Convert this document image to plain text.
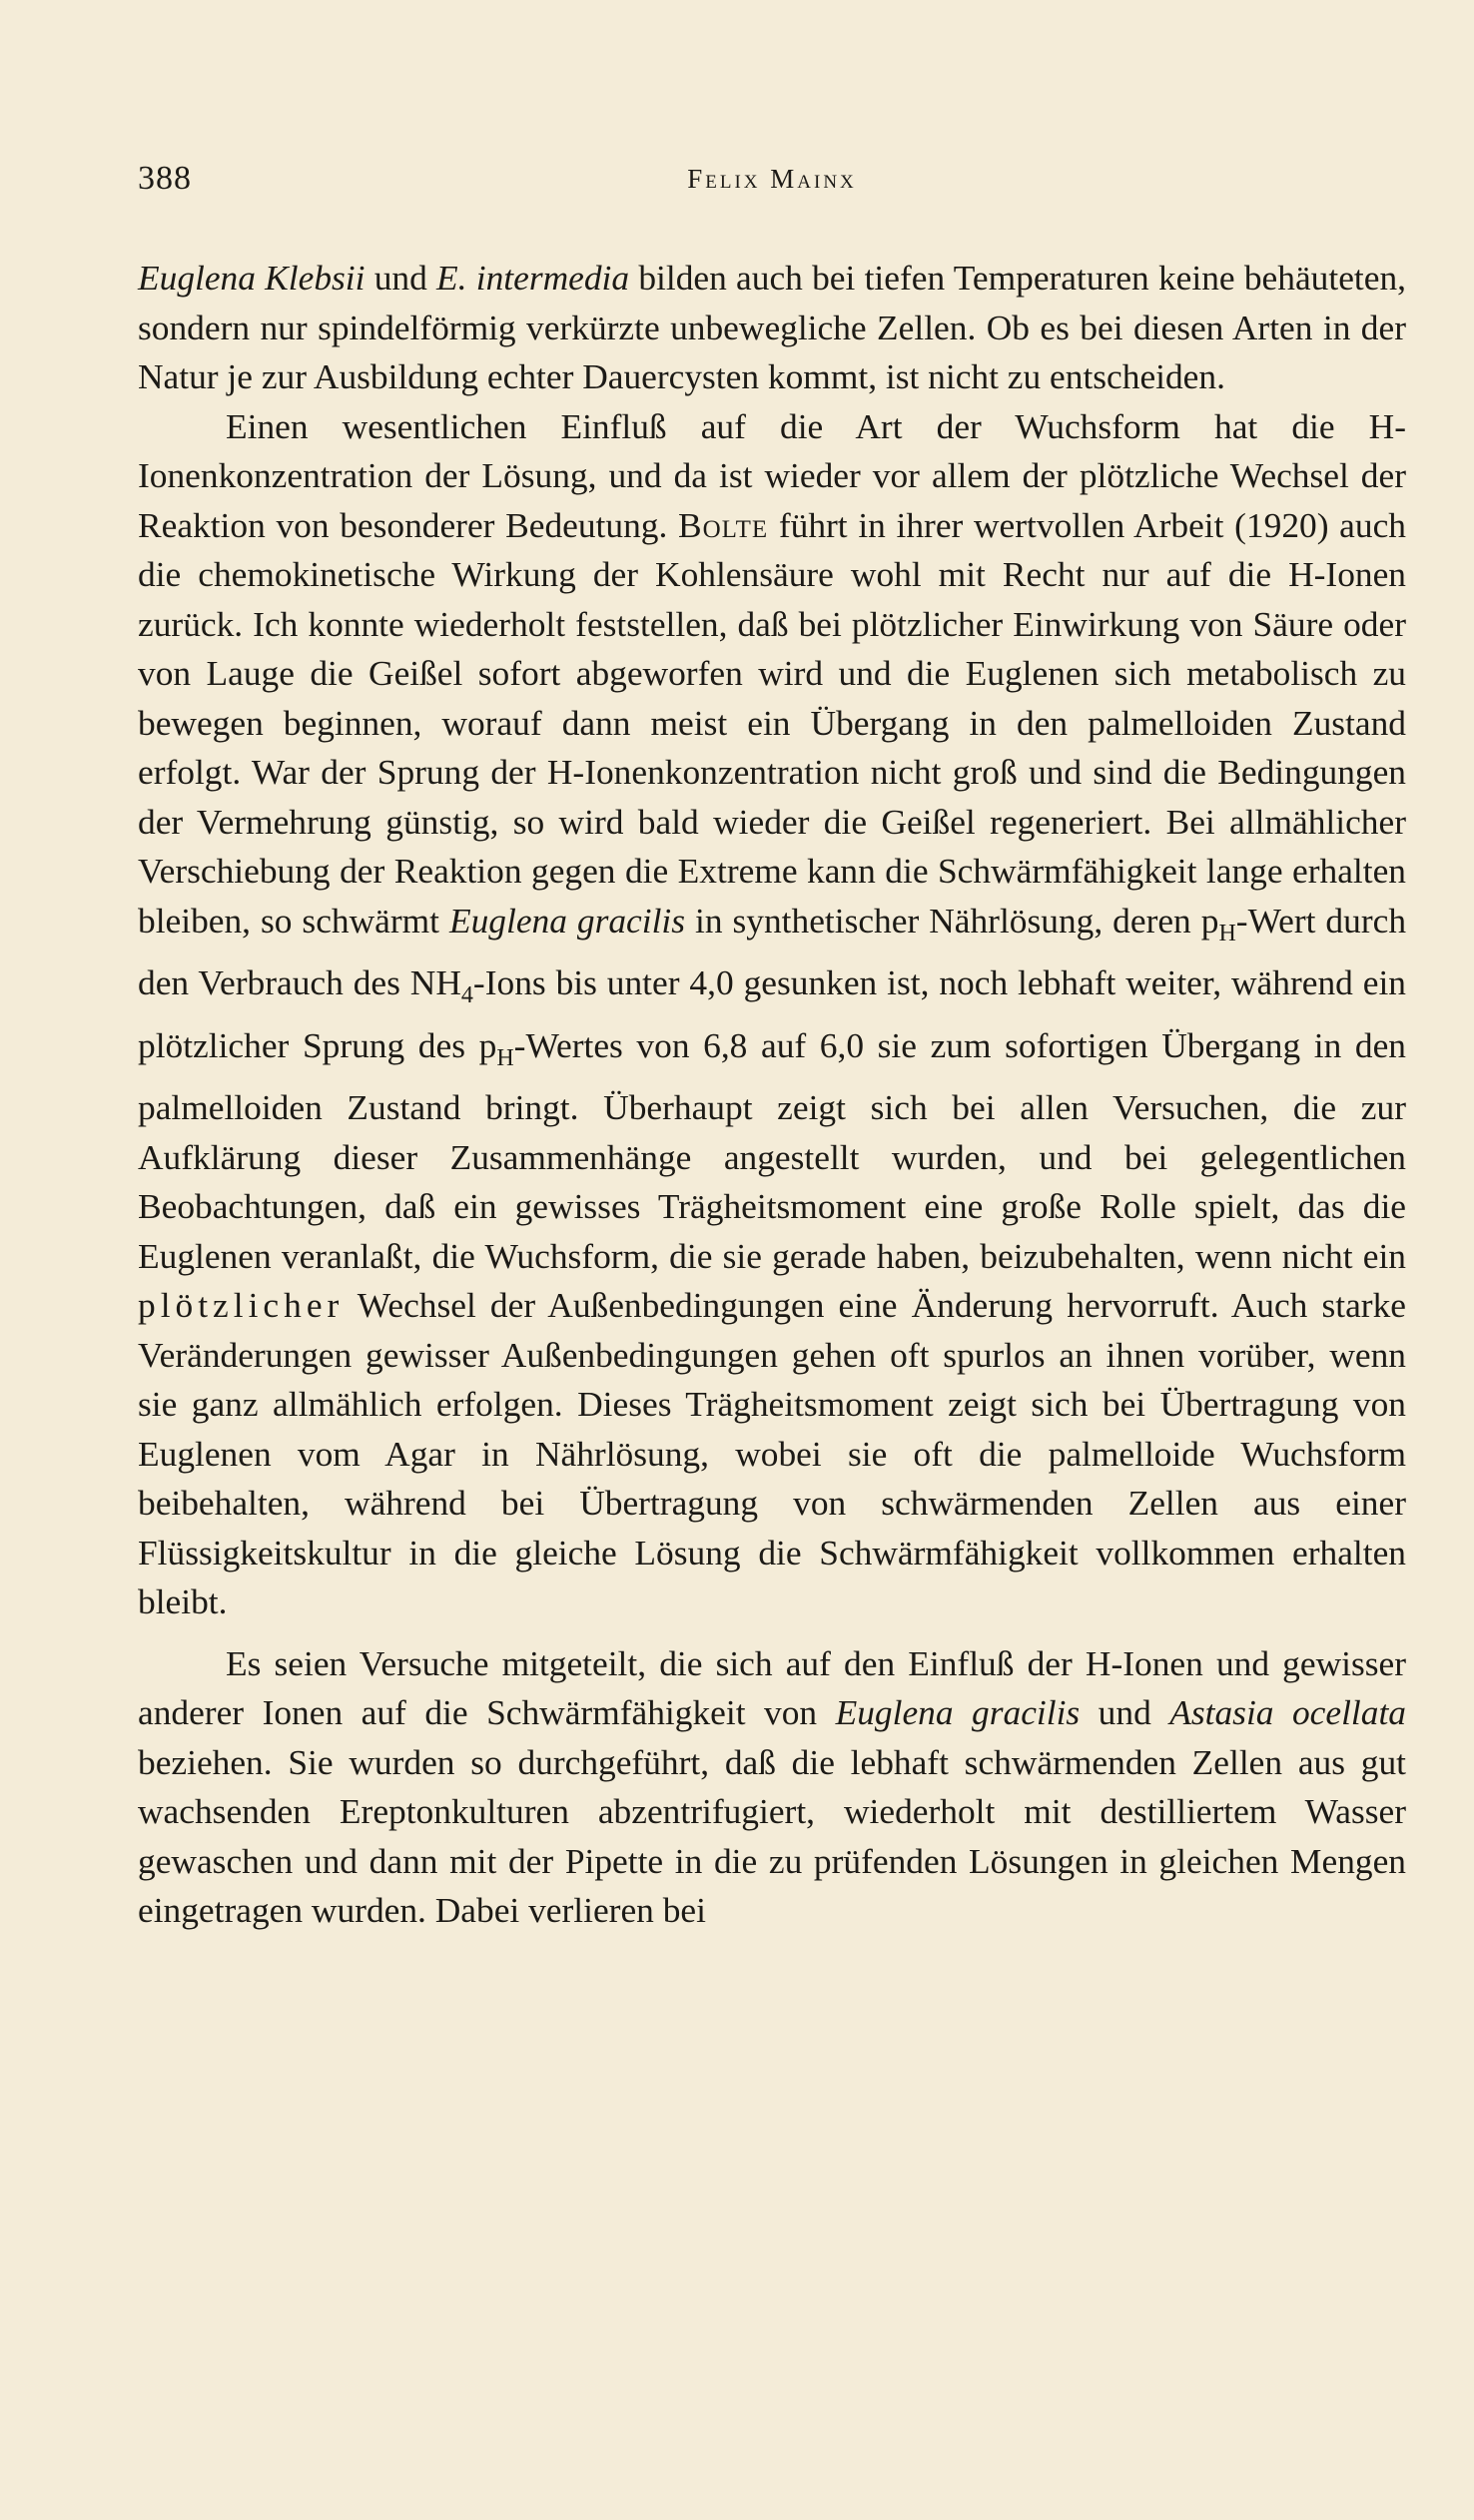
388	Felix Mainx

Euglena Klebsii und E. intermedia bilden auch bei tiefen Temperaturen keine behäuteten, sondern nur spindelförmig verkürzte unbewegliche Zellen. Ob es bei diesen Arten in der Natur je zur Ausbildung echter Dauercysten kommt, ist nicht zu entscheiden.

Einen wesentlichen Einfluß auf die Art der Wuchsform hat die H-Ionenkonzentration der Lösung, und da ist wieder vor allem der plötzliche Wechsel der Reaktion von besonderer Bedeutung. Bolte führt in ihrer wertvollen Arbeit (1920) auch die chemokinetische Wirkung der Kohlensäure wohl mit Recht nur auf die H-Ionen zurück. Ich konnte wiederholt feststellen, daß bei plötzlicher Einwirkung von Säure oder von Lauge die Geißel sofort abgeworfen wird und die Euglenen sich metabolisch zu bewegen beginnen, worauf dann meist ein Übergang in den palmelloiden Zustand erfolgt. War der Sprung der H-Ionenkonzentration nicht groß und sind die Bedingungen der Vermehrung günstig, so wird bald wieder die Geißel regeneriert. Bei allmählicher Verschiebung der Reaktion gegen die Extreme kann die Schwärmfähigkeit lange erhalten bleiben, so schwärmt Euglena gracilis in synthetischer Nährlösung, deren $p_H$-Wert durch den Verbrauch des $NH_4$-Ions bis unter 4,0 gesunken ist, noch lebhaft weiter, während ein plötzlicher Sprung des $p_H$-Wertes von 6,8 auf 6,0 sie zum sofortigen Übergang in den palmelloiden Zustand bringt. Überhaupt zeigt sich bei allen Versuchen, die zur Aufklärung dieser Zusammenhänge angestellt wurden, und bei gelegentlichen Beobachtungen, daß ein gewisses Trägheitsmoment eine große Rolle spielt, das die Euglenen veranlaßt, die Wuchsform, die sie gerade haben, beizubehalten, wenn nicht ein plötzlicher Wechsel der Außenbedingungen eine Änderung hervorruft. Auch starke Veränderungen gewisser Außenbedingungen gehen oft spurlos an ihnen vorüber, wenn sie ganz allmählich erfolgen. Dieses Trägheitsmoment zeigt sich bei Übertragung von Euglenen vom Agar in Nährlösung, wobei sie oft die palmelloide Wuchsform beibehalten, während bei Übertragung von schwärmenden Zellen aus einer Flüssigkeitskultur in die gleiche Lösung die Schwärmfähigkeit vollkommen erhalten bleibt.

Es seien Versuche mitgeteilt, die sich auf den Einfluß der H-Ionen und gewisser anderer Ionen auf die Schwärmfähigkeit von Euglena gracilis und Astasia ocellata beziehen. Sie wurden so durchgeführt, daß die lebhaft schwärmenden Zellen aus gut wachsenden Ereptonkulturen abzentrifugiert, wiederholt mit destilliertem Wasser gewaschen und dann mit der Pipette in die zu prüfenden Lösungen in gleichen Mengen eingetragen wurden. Dabei verlieren bei
